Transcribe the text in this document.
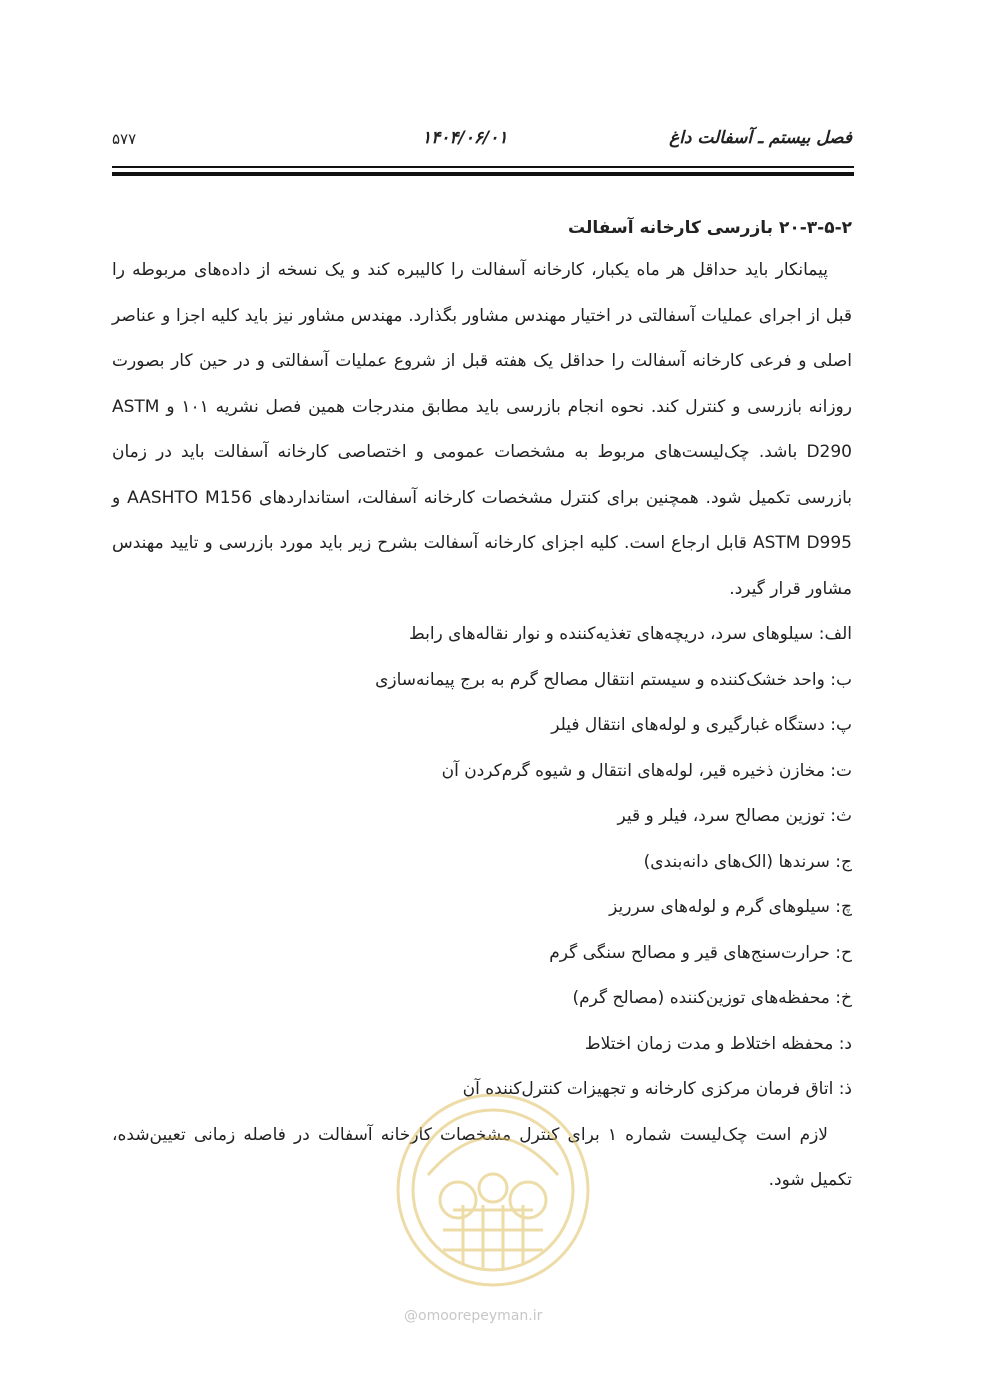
فصل بیستم ـ آسفالت داغ
۱۴۰۴/۰۶/۰۱
۵۷۷

۲۰-۳-۵-۲ بازرسی کارخانه آسفالت

پیمانکار باید حداقل هر ماه یکبار، کارخانه آسفالت را کالیبره کند و یک نسخه از داده‌های مربوطه را قبل از اجرای عملیات آسفالتی در اختیار مهندس مشاور بگذارد. مهندس مشاور نیز باید کلیه اجزا و عناصر اصلی و فرعی کارخانه آسفالت را حداقل یک هفته قبل از شروع عملیات آسفالتی و در حین کار بصورت روزانه بازرسی و کنترل کند. نحوه انجام بازرسی باید مطابق مندرجات همین فصل نشریه ۱۰۱ و ASTM D290 باشد. چک‌لیست‌های مربوط به مشخصات عمومی و اختصاصی کارخانه آسفالت باید در زمان بازرسی تکمیل شود. همچنین برای کنترل مشخصات کارخانه آسفالت، استانداردهای AASHTO M156 و ASTM D995 قابل ارجاع است. کلیه اجزای کارخانه آسفالت بشرح زیر باید مورد بازرسی و تایید مهندس مشاور قرار گیرد.

الف: سیلوهای سرد، دریچه‌های تغذیه‌کننده و نوار نقاله‌های رابط
ب: واحد خشک‌کننده و سیستم انتقال مصالح گرم به برج پیمانه‌سازی
پ: دستگاه غبارگیری و لوله‌های انتقال فیلر
ت: مخازن ذخیره قیر، لوله‌های انتقال و شیوه گرم‌کردن آن
ث: توزین مصالح سرد، فیلر و قیر
ج: سرندها (الک‌های دانه‌بندی)
چ: سیلوهای گرم و لوله‌های سرریز
ح: حرارت‌سنج‌های قیر و مصالح سنگی گرم
خ: محفظه‌های توزین‌کننده (مصالح گرم)
د: محفظه اختلاط و مدت زمان اختلاط
ذ: اتاق فرمان مرکزی کارخانه و تجهیزات کنترل‌کننده آن

لازم است چک‌لیست شماره ۱ برای کنترل مشخصات کارخانه آسفالت در فاصله زمانی تعیین‌شده، تکمیل شود.

@omoorepeyman.ir
